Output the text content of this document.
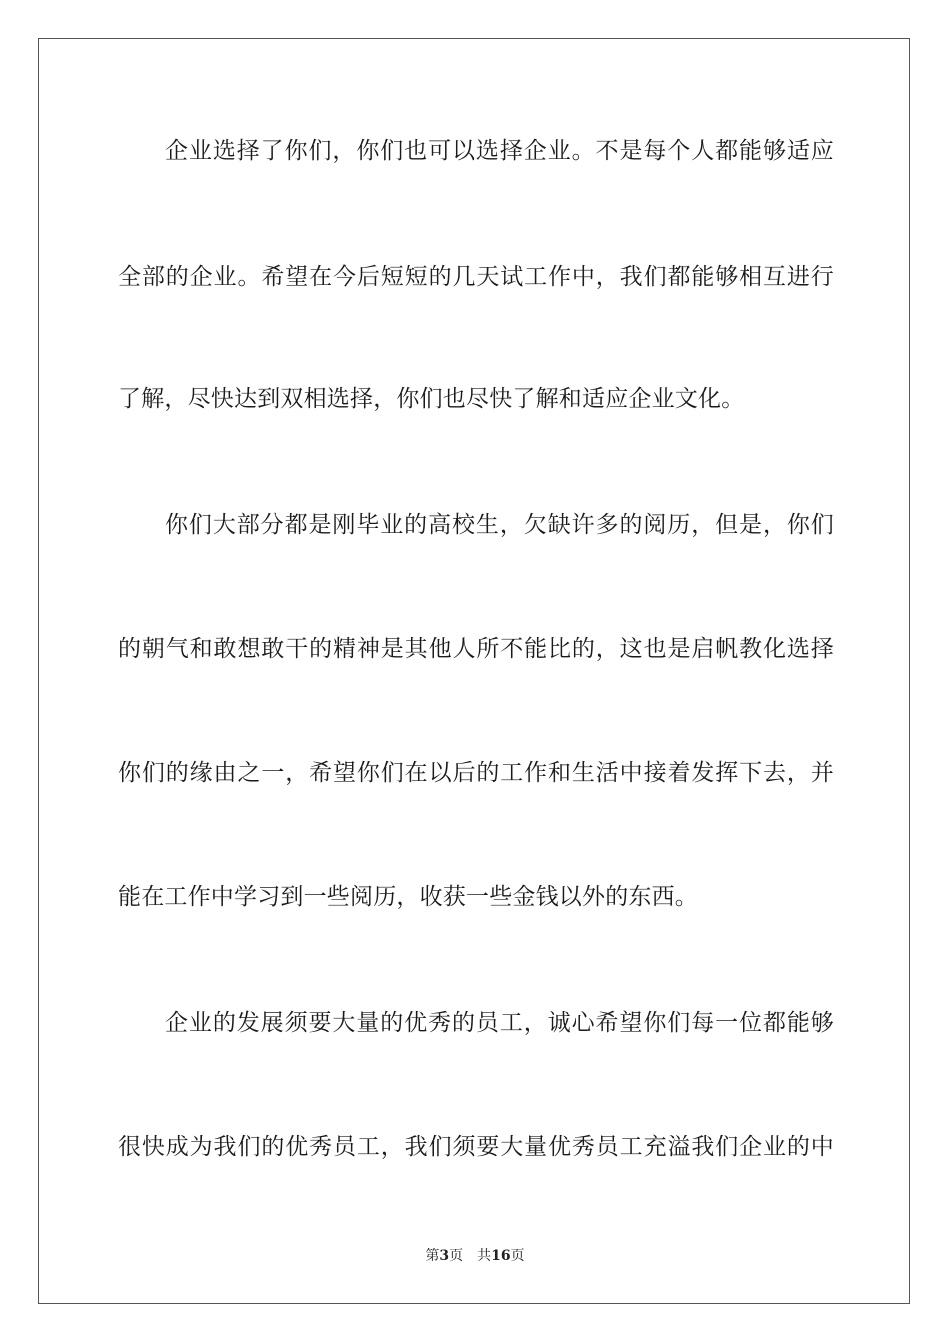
企业选择了你们，你们也可以选择企业。不是每个人都能够适应
全部的企业。希望在今后短短的几天试工作中，我们都能够相互进行
了解，尽快达到双相选择，你们也尽快了解和适应企业文化。
你们大部分都是刚毕业的高校生，欠缺许多的阅历，但是，你们
的朝气和敢想敢干的精神是其他人所不能比的，这也是启帆教化选择
你们的缘由之一，希望你们在以后的工作和生活中接着发挥下去，并
能在工作中学习到一些阅历，收获一些金钱以外的东西。
企业的发展须要大量的优秀的员工，诚心希望你们每一位都能够
很快成为我们的优秀员工，我们须要大量优秀员工充溢我们企业的中
第3页 共16页
